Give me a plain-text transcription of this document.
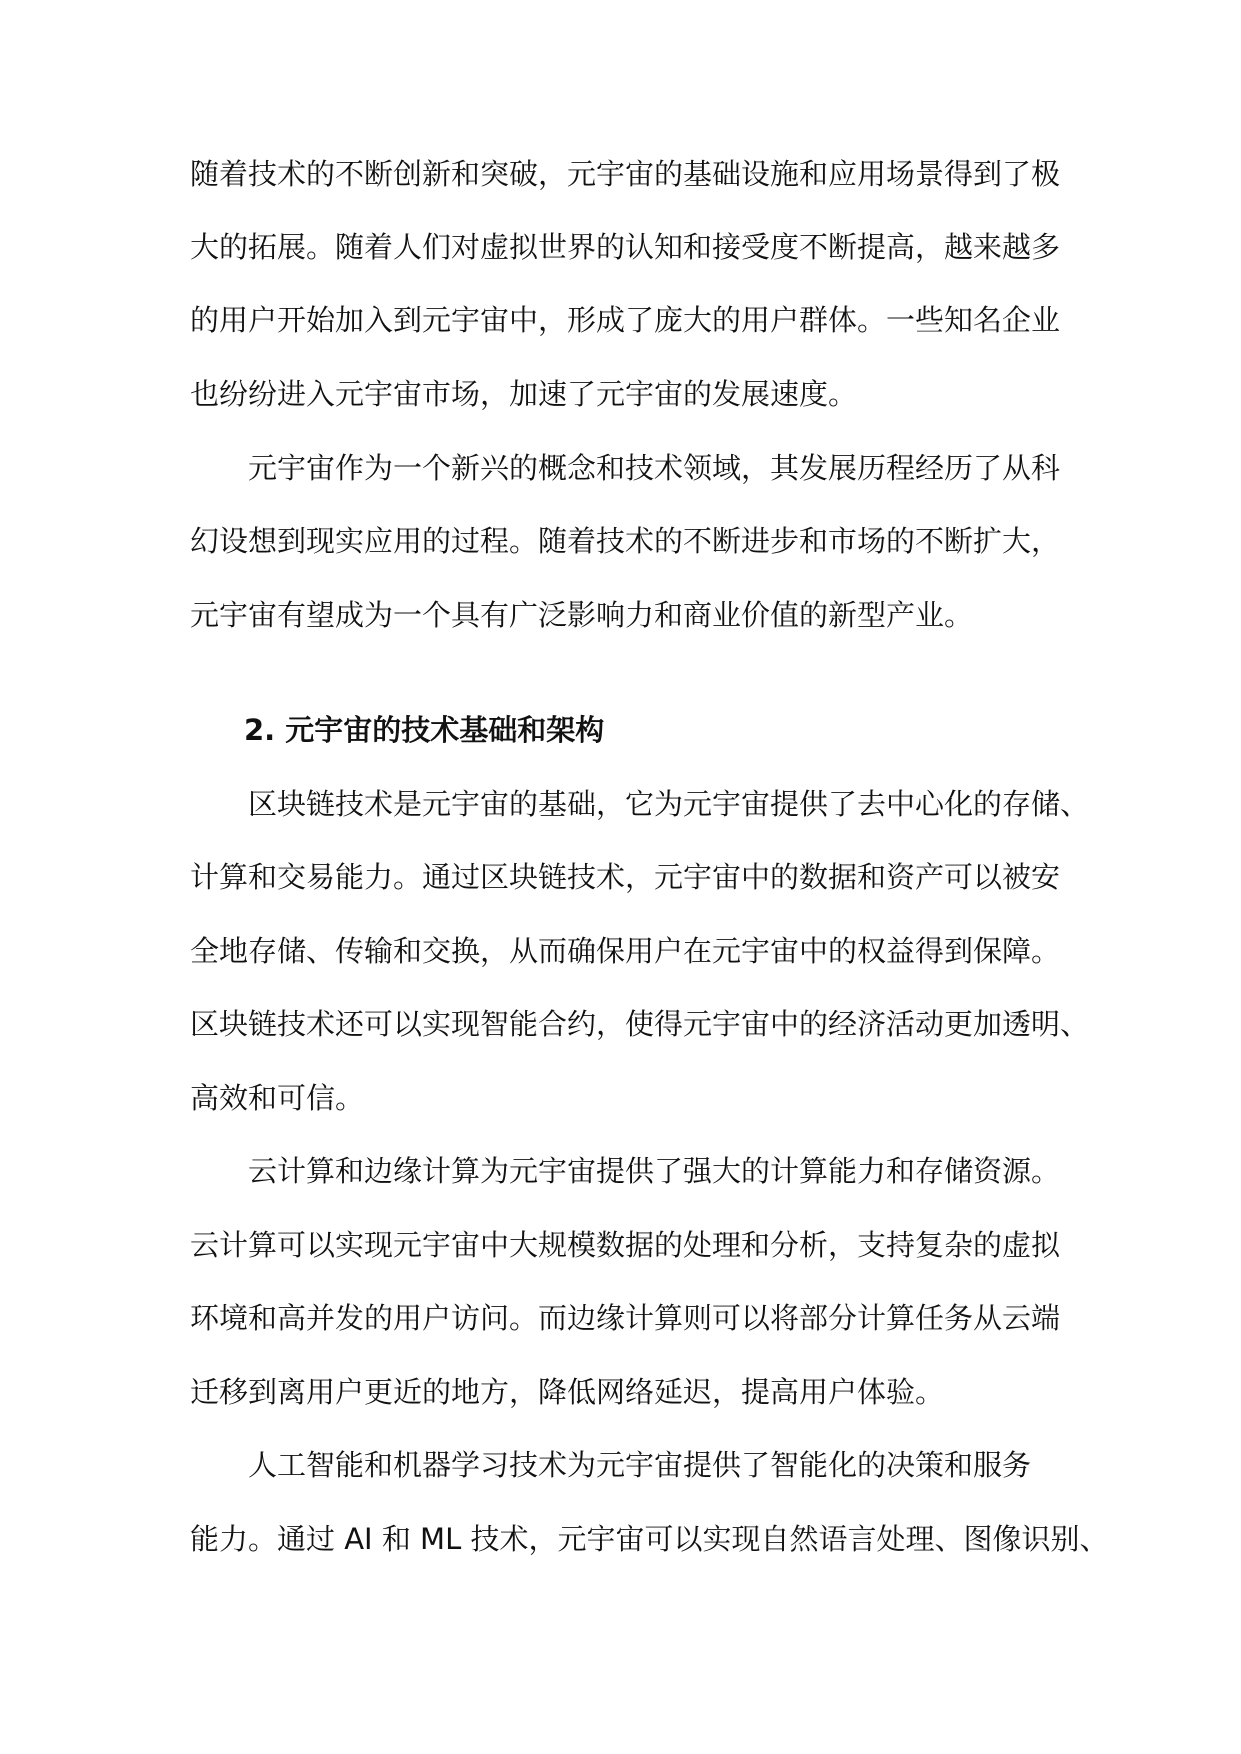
随着技术的不断创新和突破，元宇宙的基础设施和应用场景得到了极
大的拓展。随着人们对虚拟世界的认知和接受度不断提高，越来越多
的用户开始加入到元宇宙中，形成了庞大的用户群体。一些知名企业
也纷纷进入元宇宙市场，加速了元宇宙的发展速度。
元宇宙作为一个新兴的概念和技术领域，其发展历程经历了从科
幻设想到现实应用的过程。随着技术的不断进步和市场的不断扩大，
元宇宙有望成为一个具有广泛影响力和商业价值的新型产业。
2. 元宇宙的技术基础和架构
区块链技术是元宇宙的基础，它为元宇宙提供了去中心化的存储、
计算和交易能力。通过区块链技术，元宇宙中的数据和资产可以被安
全地存储、传输和交换，从而确保用户在元宇宙中的权益得到保障。
区块链技术还可以实现智能合约，使得元宇宙中的经济活动更加透明、
高效和可信。
云计算和边缘计算为元宇宙提供了强大的计算能力和存储资源。
云计算可以实现元宇宙中大规模数据的处理和分析，支持复杂的虚拟
环境和高并发的用户访问。而边缘计算则可以将部分计算任务从云端
迁移到离用户更近的地方，降低网络延迟，提高用户体验。
人工智能和机器学习技术为元宇宙提供了智能化的决策和服务
能力。通过 AI 和 ML 技术，元宇宙可以实现自然语言处理、图像识别、
